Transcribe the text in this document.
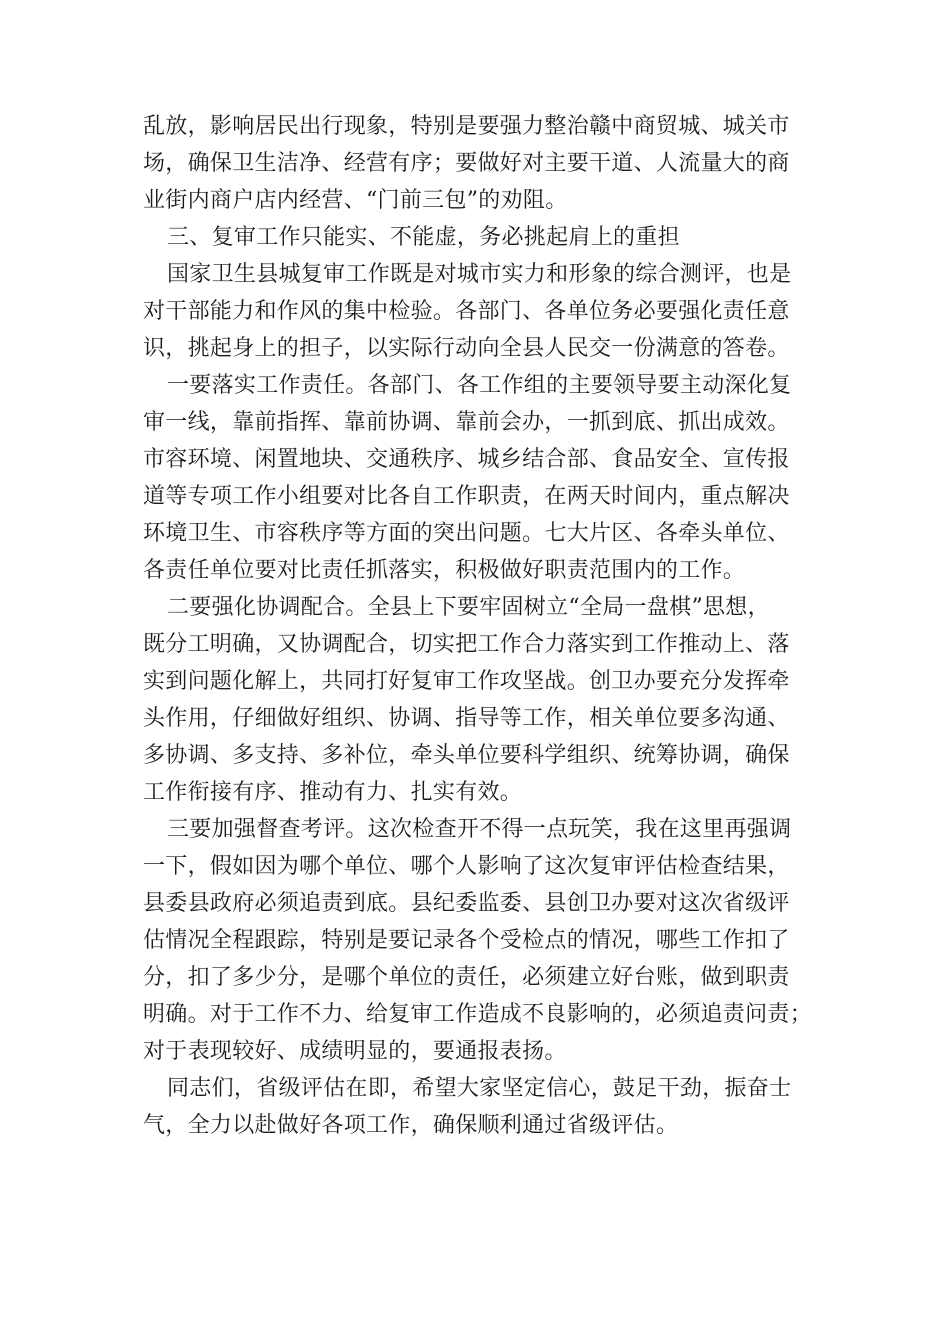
乱放，影响居民出行现象，特别是要强力整治赣中商贸城、城关市
场，确保卫生洁净、经营有序；要做好对主要干道、人流量大的商
业街内商户店内经营、“门前三包”的劝阻。
三、复审工作只能实、不能虚，务必挑起肩上的重担
国家卫生县城复审工作既是对城市实力和形象的综合测评，也是
对干部能力和作风的集中检验。各部门、各单位务必要强化责任意
识，挑起身上的担子，以实际行动向全县人民交一份满意的答卷。
一要落实工作责任。各部门、各工作组的主要领导要主动深化复
审一线，靠前指挥、靠前协调、靠前会办，一抓到底、抓出成效。
市容环境、闲置地块、交通秩序、城乡结合部、食品安全、宣传报
道等专项工作小组要对比各自工作职责，在两天时间内，重点解决
环境卫生、市容秩序等方面的突出问题。七大片区、各牵头单位、
各责任单位要对比责任抓落实，积极做好职责范围内的工作。
二要强化协调配合。全县上下要牢固树立“全局一盘棋”思想，
既分工明确，又协调配合，切实把工作合力落实到工作推动上、落
实到问题化解上，共同打好复审工作攻坚战。创卫办要充分发挥牵
头作用，仔细做好组织、协调、指导等工作，相关单位要多沟通、
多协调、多支持、多补位，牵头单位要科学组织、统筹协调，确保
工作衔接有序、推动有力、扎实有效。
三要加强督查考评。这次检查开不得一点玩笑，我在这里再强调
一下，假如因为哪个单位、哪个人影响了这次复审评估检查结果，
县委县政府必须追责到底。县纪委监委、县创卫办要对这次省级评
估情况全程跟踪，特别是要记录各个受检点的情况，哪些工作扣了
分，扣了多少分，是哪个单位的责任，必须建立好台账，做到职责
明确。对于工作不力、给复审工作造成不良影响的，必须追责问责；
对于表现较好、成绩明显的，要通报表扬。
同志们，省级评估在即，希望大家坚定信心，鼓足干劲，振奋士
气，全力以赴做好各项工作，确保顺利通过省级评估。
